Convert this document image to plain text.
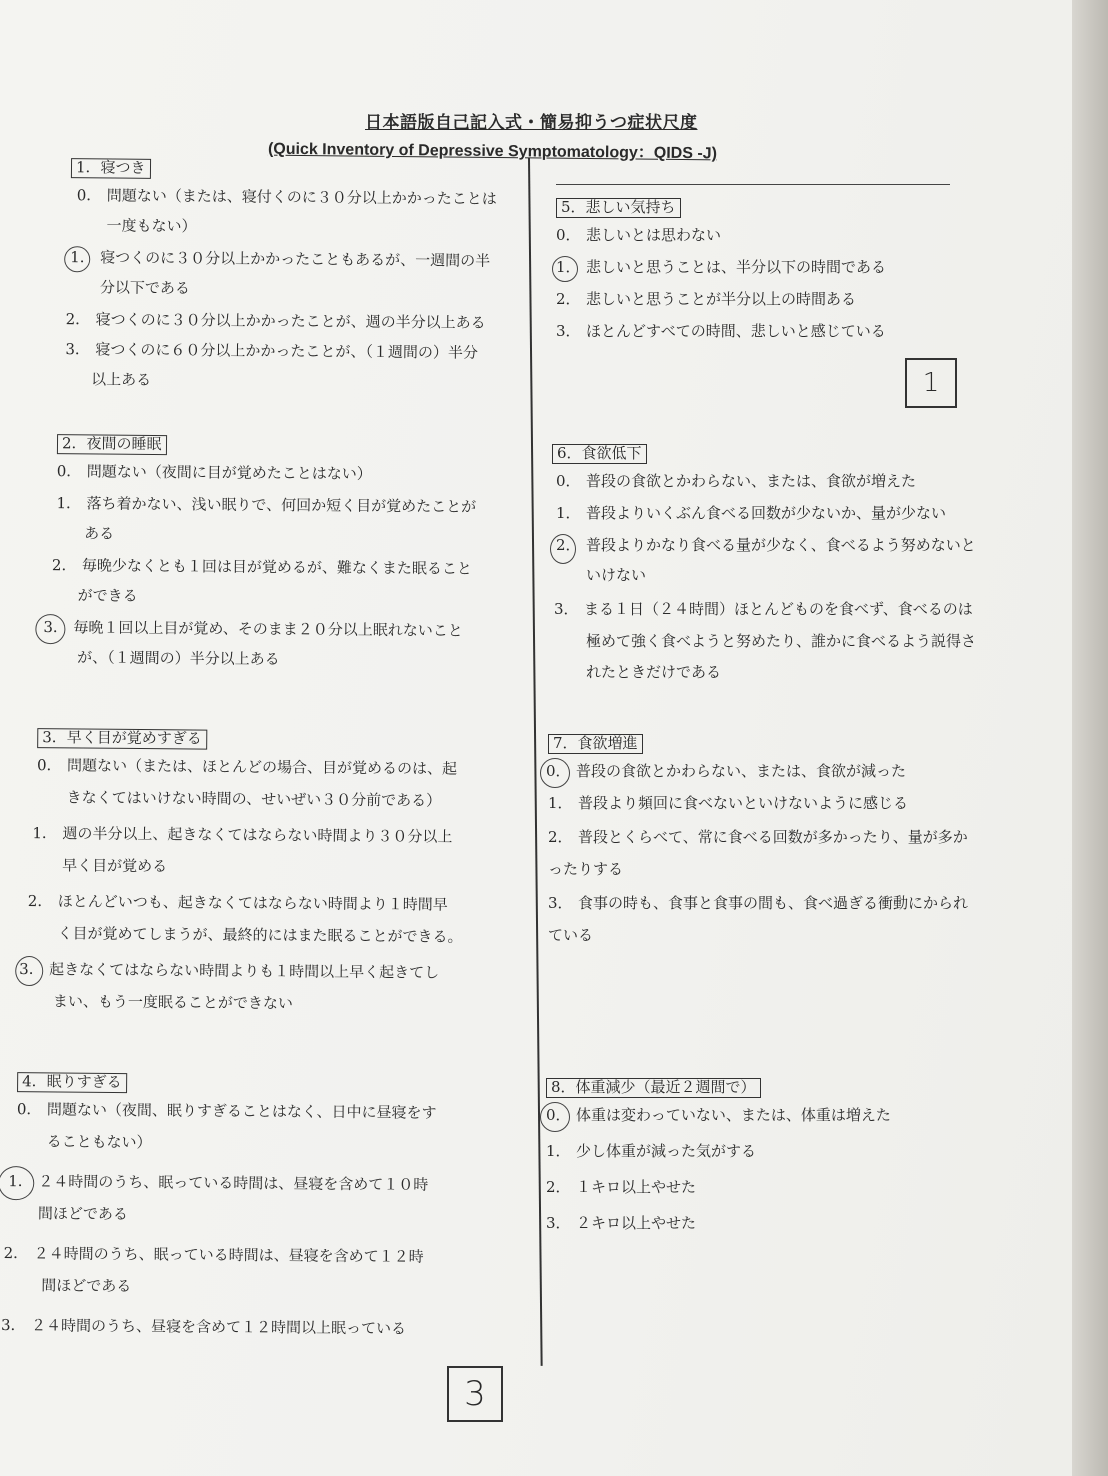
日本語版自己記入式・簡易抑うつ症状尺度
(Quick Inventory of Depressive Symptomatology：QIDS -J)
1．寝つき
0． 問題ない（または、寝付くのに３０分以上かかったことは
一度もない）
1． 寝つくのに３０分以上かかったこともあるが、一週間の半
分以下である
2． 寝つくのに３０分以上かかったことが、週の半分以上ある
3． 寝つくのに６０分以上かかったことが、（１週間の）半分
以上ある
2．夜間の睡眠
0． 問題ない（夜間に目が覚めたことはない）
1． 落ち着かない、浅い眠りで、何回か短く目が覚めたことが
ある
2． 毎晩少なくとも１回は目が覚めるが、難なくまた眠ること
ができる
3． 毎晩１回以上目が覚め、そのまま２０分以上眠れないこと
が、（１週間の）半分以上ある
3．早く目が覚めすぎる
0． 問題ない（または、ほとんどの場合、目が覚めるのは、起
きなくてはいけない時間の、せいぜい３０分前である）
1． 週の半分以上、起きなくてはならない時間より３０分以上
早く目が覚める
2． ほとんどいつも、起きなくてはならない時間より１時間早
く目が覚めてしまうが、最終的にはまた眠ることができる。
3． 起きなくてはならない時間よりも１時間以上早く起きてし
まい、もう一度眠ることができない
4．眠りすぎる
0． 問題ない（夜間、眠りすぎることはなく、日中に昼寝をす
ることもない）
1． ２４時間のうち、眠っている時間は、昼寝を含めて１０時
間ほどである
2． ２４時間のうち、眠っている時間は、昼寝を含めて１２時
間ほどである
3． ２４時間のうち、昼寝を含めて１２時間以上眠っている
5．悲しい気持ち
0． 悲しいとは思わない
1． 悲しいと思うことは、半分以下の時間である
2． 悲しいと思うことが半分以上の時間ある
3． ほとんどすべての時間、悲しいと感じている
1
6．食欲低下
0． 普段の食欲とかわらない、または、食欲が増えた
1． 普段よりいくぶん食べる回数が少ないか、量が少ない
2． 普段よりかなり食べる量が少なく、食べるよう努めないと
いけない
3． まる１日（２４時間）ほとんどものを食べず、食べるのは
極めて強く食べようと努めたり、誰かに食べるよう説得さ
れたときだけである
7．食欲増進
0． 普段の食欲とかわらない、または、食欲が減った
1． 普段より頻回に食べないといけないように感じる
2． 普段とくらべて、常に食べる回数が多かったり、量が多か
ったりする
3． 食事の時も、食事と食事の間も、食べ過ぎる衝動にかられ
ている
8．体重減少（最近２週間で）
0． 体重は変わっていない、または、体重は増えた
1． 少し体重が減った気がする
2． １キロ以上やせた
3． ２キロ以上やせた
3
